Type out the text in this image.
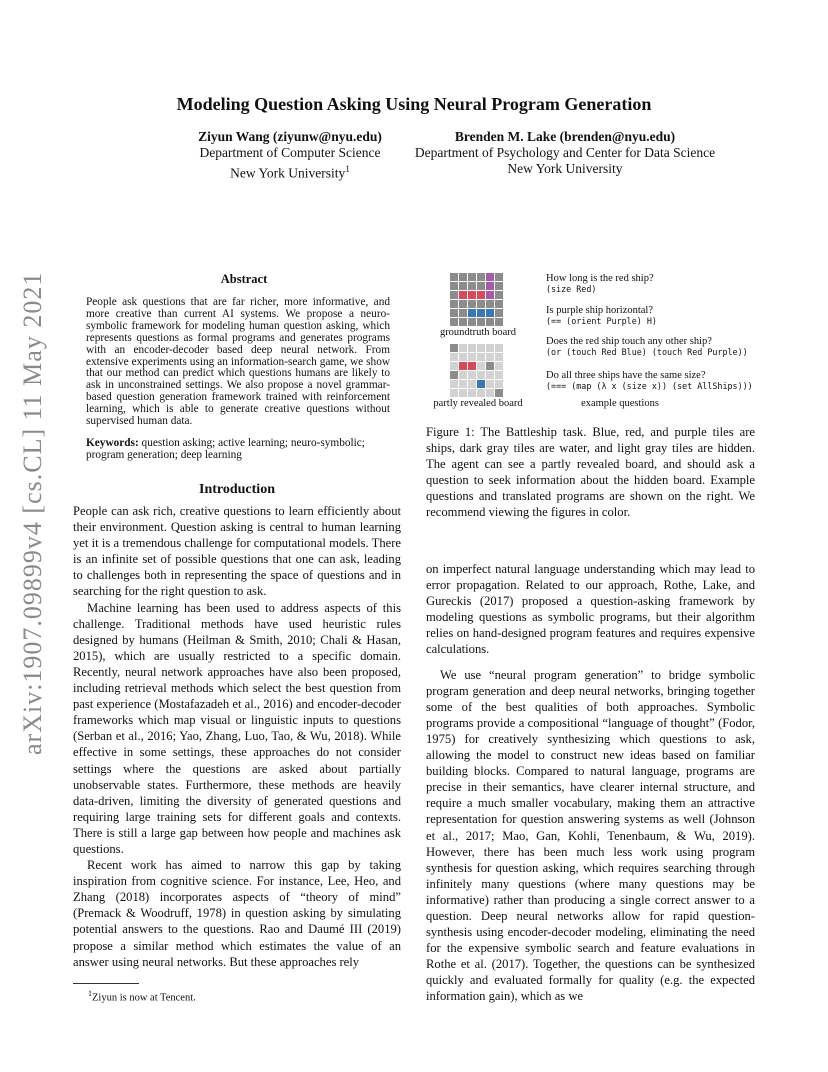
Modeling Question Asking Using Neural Program Generation
Ziyun Wang (ziyunw@nyu.edu)
Department of Computer Science
New York University$^1$
Brenden M. Lake (brenden@nyu.edu)
Department of Psychology and Center for Data Science
New York University
arXiv:1907.09899v4 [cs.CL] 11 May 2021	Abstract
People ask questions that are far richer, more informative, and more creative than current AI systems. We propose a neuro-symbolic framework for modeling human question asking, which represents questions as formal programs and generates programs with an encoder-decoder based deep neural network. From extensive experiments using an information-search game, we show that our method can predict which questions humans are likely to ask in unconstrained settings. We also propose a novel grammar-based question generation framework trained with reinforcement learning, which is able to generate creative questions without supervised human data.
Keywords: question asking; active learning; neuro-symbolic; program generation; deep learning
groundtruth board
partly revealed board
How long is the red ship?
(size Red)
Is purple ship horizontal?
(== (orient Purple) H)
Does the red ship touch any other ship?
(or (touch Red Blue) (touch Red Purple))
Do all three ships have the same size?
(=== (map (λ x (size x)) (set AllShips)))
example questions
Figure 1: The Battleship task. Blue, red, and purple tiles are ships, dark gray tiles are water, and light gray tiles are hidden. The agent can see a partly revealed board, and should ask a question to seek information about the hidden board. Example questions and translated programs are shown on the right. We recommend viewing the figures in color.
Introduction

People can ask rich, creative questions to learn efficiently about their environment. Question asking is central to human learning yet it is a tremendous challenge for computational models. There is an infinite set of possible questions that one can ask, leading to challenges both in representing the space of questions and in searching for the right question to ask.

Machine learning has been used to address aspects of this challenge. Traditional methods have used heuristic rules designed by humans (Heilman & Smith, 2010; Chali & Hasan, 2015), which are usually restricted to a specific domain. Recently, neural network approaches have also been proposed, including retrieval methods which select the best question from past experience (Mostafazadeh et al., 2016) and encoder-decoder frameworks which map visual or linguistic inputs to questions (Serban et al., 2016; Yao, Zhang, Luo, Tao, & Wu, 2018). While effective in some settings, these approaches do not consider settings where the questions are asked about partially unobservable states. Furthermore, these methods are heavily data-driven, limiting the diversity of generated questions and requiring large training sets for different goals and contexts. There is still a large gap between how people and machines ask questions.

Recent work has aimed to narrow this gap by taking inspiration from cognitive science. For instance, Lee, Heo, and Zhang (2018) incorporates aspects of “theory of mind” (Premack & Woodruff, 1978) in question asking by simulating potential answers to the questions. Rao and Daumé III (2019) propose a similar method which estimates the value of an answer using neural networks. But these approaches rely

on imperfect natural language understanding which may lead to error propagation. Related to our approach, Rothe, Lake, and Gureckis (2017) proposed a question-asking framework by modeling questions as symbolic programs, but their algorithm relies on hand-designed program features and requires expensive calculations.

We use “neural program generation” to bridge symbolic program generation and deep neural networks, bringing together some of the best qualities of both approaches. Symbolic programs provide a compositional “language of thought” (Fodor, 1975) for creatively synthesizing which questions to ask, allowing the model to construct new ideas based on familiar building blocks. Compared to natural language, programs are precise in their semantics, have clearer internal structure, and require a much smaller vocabulary, making them an attractive representation for question answering systems as well (Johnson et al., 2017; Mao, Gan, Kohli, Tenenbaum, & Wu, 2019). However, there has been much less work using program synthesis for question asking, which requires searching through infinitely many questions (where many questions may be informative) rather than producing a single correct answer to a question. Deep neural networks allow for rapid question-synthesis using encoder-decoder modeling, eliminating the need for the expensive symbolic search and feature evaluations in Rothe et al. (2017). Together, the questions can be synthesized quickly and evaluated formally for quality (e.g. the expected information gain), which as we

$^1$Ziyun is now at Tencent.
